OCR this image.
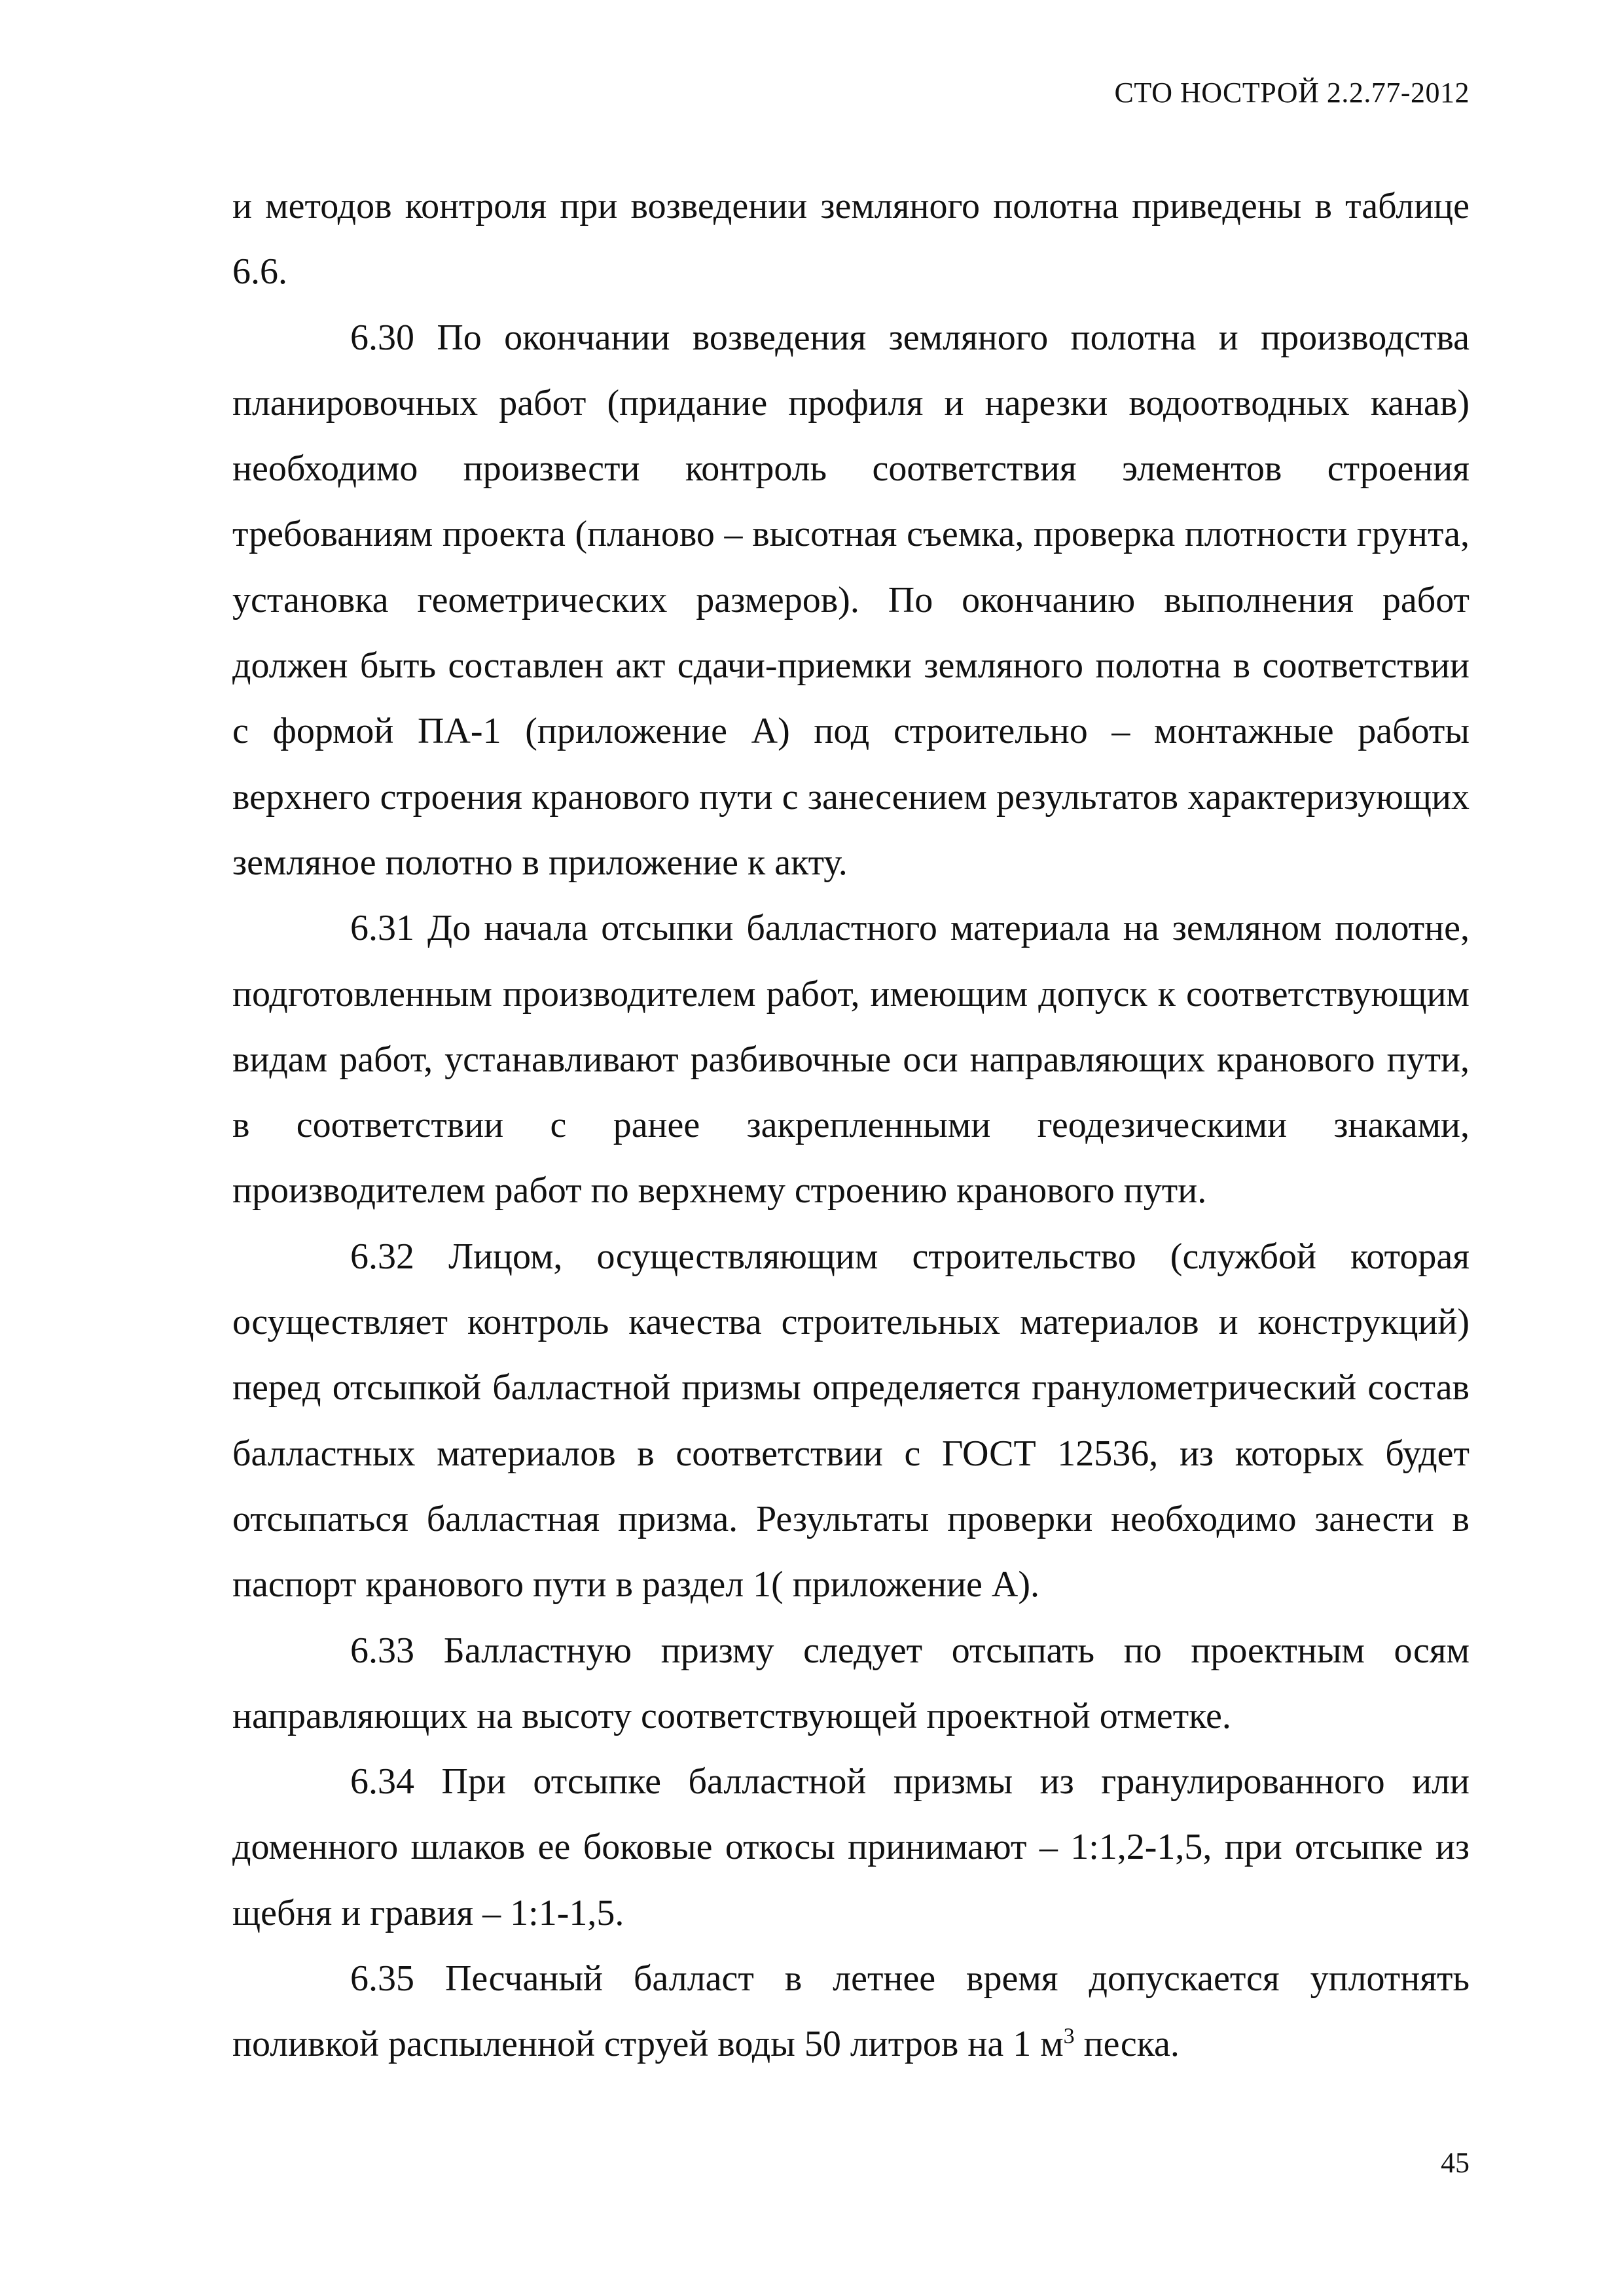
СТО НОСТРОЙ 2.2.77-2012

и методов контроля при возведении земляного полотна приведены в таблице 6.6.

6.30 По окончании возведения земляного полотна и производства планировочных работ (придание профиля и нарезки водоотводных канав) необходимо произвести контроль соответствия элементов строения требованиям проекта (планово – высотная съемка, проверка плотности грунта, установка геометрических размеров). По окончанию выполнения работ должен быть составлен акт сдачи-приемки земляного полотна в соответствии с формой ПА-1 (приложение А) под строительно – монтажные работы верхнего строения кранового пути с занесением результатов характеризующих земляное полотно в приложение к акту.

6.31 До начала отсыпки балластного материала на земляном полотне, подготовленным производителем работ, имеющим допуск к соответствующим видам работ, устанавливают разбивочные оси направляющих кранового пути, в соответствии с ранее закрепленными геодезическими знаками, производителем работ по верхнему строению кранового пути.

6.32 Лицом, осуществляющим строительство (службой которая осуществляет контроль качества строительных материалов и конструкций) перед отсыпкой балластной призмы определяется гранулометрический состав балластных материалов в соответствии с ГОСТ 12536, из которых будет отсыпаться балластная призма. Результаты проверки необходимо занести в паспорт кранового пути в раздел 1( приложение А).

6.33 Балластную призму следует отсыпать по проектным осям направляющих на высоту соответствующей проектной отметке.

6.34 При отсыпке балластной призмы из гранулированного или доменного шлаков ее боковые откосы принимают – 1:1,2-1,5, при отсыпке из щебня и гравия – 1:1-1,5.

6.35 Песчаный балласт в летнее время допускается уплотнять поливкой распыленной струей воды 50 литров на 1 $м^3$ песка.

45
